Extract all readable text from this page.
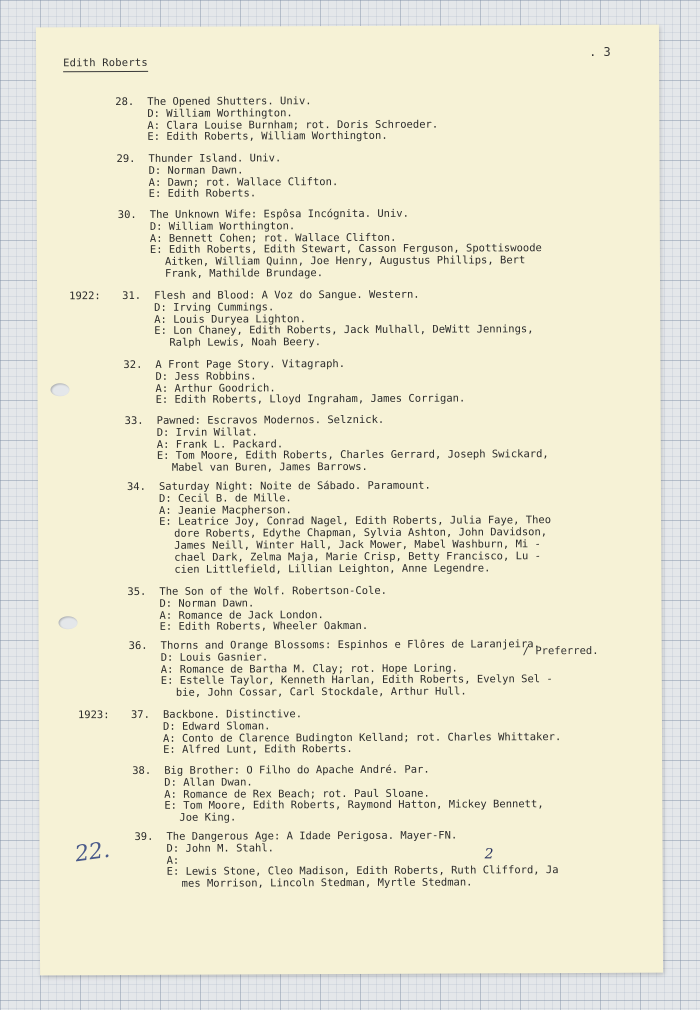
Edith Roberts
. 3
28. The Opened Shutters. Univ.
D: William Worthington.
A: Clara Louise Burnham; rot. Doris Schroeder.
E: Edith Roberts, William Worthington.
29. Thunder Island. Univ.
D: Norman Dawn.
A: Dawn; rot. Wallace Clifton.
E: Edith Roberts.
30. The Unknown Wife: Espôsa Incógnita. Univ.
D: William Worthington.
A: Bennett Cohen; rot. Wallace Clifton.
E: Edith Roberts, Edith Stewart, Casson Ferguson, Spottiswoode
Aitken, William Quinn, Joe Henry, Augustus Phillips, Bert
Frank, Mathilde Brundage.
1922: 31. Flesh and Blood: A Voz do Sangue. Western.
D: Irving Cummings.
A: Louis Duryea Lighton.
E: Lon Chaney, Edith Roberts, Jack Mulhall, DeWitt Jennings,
Ralph Lewis, Noah Beery.
32. A Front Page Story. Vitagraph.
D: Jess Robbins.
A: Arthur Goodrich.
E: Edith Roberts, Lloyd Ingraham, James Corrigan.
33. Pawned: Escravos Modernos. Selznick.
D: Irvin Willat.
A: Frank L. Packard.
E: Tom Moore, Edith Roberts, Charles Gerrard, Joseph Swickard,
Mabel van Buren, James Barrows.
34. Saturday Night: Noite de Sábado. Paramount.
D: Cecil B. de Mille.
A: Jeanie Macpherson.
E: Leatrice Joy, Conrad Nagel, Edith Roberts, Julia Faye, Theo
dore Roberts, Edythe Chapman, Sylvia Ashton, John Davidson,
James Neill, Winter Hall, Jack Mower, Mabel Washburn, Mi -
chael Dark, Zelma Maja, Marie Crisp, Betty Francisco, Lu -
cien Littlefield, Lillian Leighton, Anne Legendre.
35. The Son of the Wolf. Robertson-Cole.
D: Norman Dawn.
A: Romance de Jack London.
E: Edith Roberts, Wheeler Oakman.
36. Thorns and Orange Blossoms: Espinhos e Flôres de Laranjeira.
D: Louis Gasnier.
A: Romance de Bartha M. Clay; rot. Hope Loring.
E: Estelle Taylor, Kenneth Harlan, Edith Roberts, Evelyn Sel -
bie, John Cossar, Carl Stockdale, Arthur Hull.
1923: 37. Backbone. Distinctive.
D: Edward Sloman.
A: Conto de Clarence Budington Kelland; rot. Charles Whittaker.
E: Alfred Lunt, Edith Roberts.
38. Big Brother: O Filho do Apache André. Par.
D: Allan Dwan.
A: Romance de Rex Beach; rot. Paul Sloane.
E: Tom Moore, Edith Roberts, Raymond Hatton, Mickey Bennett,
Joe King.
39. The Dangerous Age: A Idade Perigosa. Mayer-FN.
D: John M. Stahl.
A:
E: Lewis Stone, Cleo Madison, Edith Roberts, Ruth Clifford, Ja
mes Morrison, Lincoln Stedman, Myrtle Stedman.
/ Preferred.
2
22.
